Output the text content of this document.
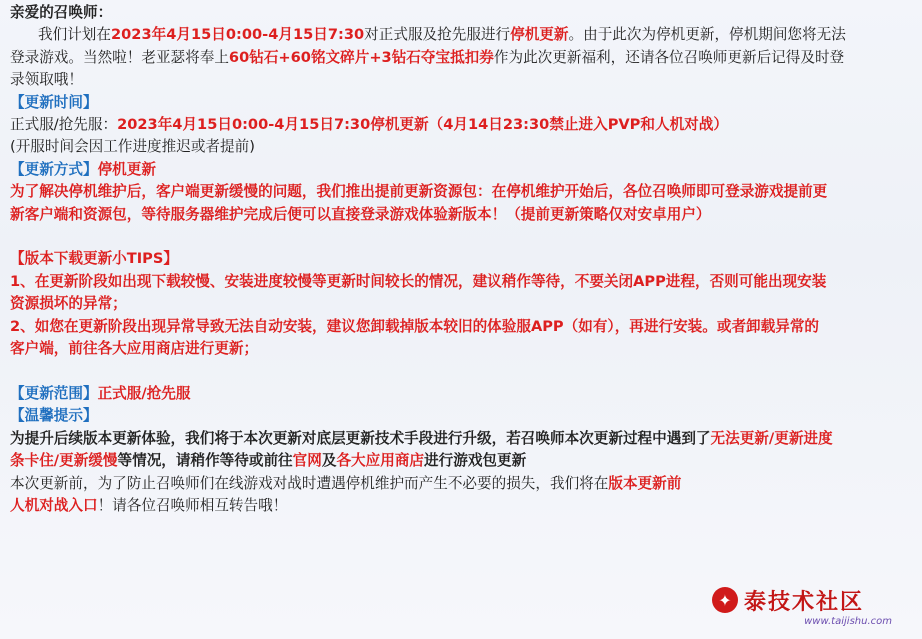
亲爱的召唤师：
我们计划在2023年4月15日0:00-4月15日7:30对正式服及抢先服进行停机更新。由于此次为停机更新，停机期间您将无法
登录游戏。当然啦！老亚瑟将奉上60钻石+60铭文碎片+3钻石夺宝抵扣券作为此次更新福利，还请各位召唤师更新后记得及时登
录领取哦！
【更新时间】
正式服/抢先服：2023年4月15日0:00-4月15日7:30停机更新（4月14日23:30禁止进入PVP和人机对战）
(开服时间会因工作进度推迟或者提前)
【更新方式】停机更新
为了解决停机维护后，客户端更新缓慢的问题，我们推出提前更新资源包：在停机维护开始后，各位召唤师即可登录游戏提前更
新客户端和资源包，等待服务器维护完成后便可以直接登录游戏体验新版本！（提前更新策略仅对安卓用户）
【版本下载更新小TIPS】
1、在更新阶段如出现下载较慢、安装进度较慢等更新时间较长的情况，建议稍作等待，不要关闭APP进程，否则可能出现安装
资源损坏的异常；
2、如您在更新阶段出现异常导致无法自动安装，建议您卸载掉版本较旧的体验服APP（如有），再进行安装。或者卸载异常的
客户端，前往各大应用商店进行更新；
【更新范围】正式服/抢先服
【温馨提示】
为提升后续版本更新体验，我们将于本次更新对底层更新技术手段进行升级，若召唤师本次更新过程中遇到了无法更新/更新进度
条卡住/更新缓慢等情况，请稍作等待或前往官网及各大应用商店进行游戏包更新
本次更新前，为了防止召唤师们在线游戏对战时遭遇停机维护而产生不必要的损失，我们将在版本更新前
人机对战入口！请各位召唤师相互转告哦！
✦ 泰技术社区
www.taijishu.com
